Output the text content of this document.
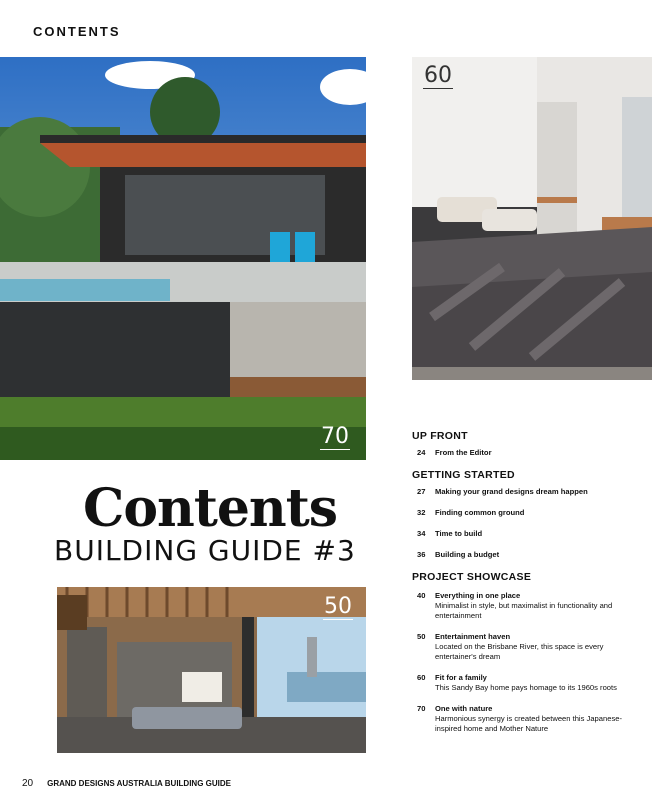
CONTENTS
70
60
Contents
BUILDING GUIDE #3
50
UP FRONT
24	From the Editor
GETTING STARTED
27	Making your grand designs dream happen
32	Finding common ground
34	Time to build
36	Building a budget
PROJECT SHOWCASE
40	Everything in one place
Minimalist in style, but maximalist in functionality and entertainment
50	Entertainment haven
Located on the Brisbane River, this space is every entertainer's dream
60	Fit for a family
This Sandy Bay home pays homage to its 1960s roots
70	One with nature
Harmonious synergy is created between this Japanese-inspired home and Mother Nature
20 GRAND DESIGNS AUSTRALIA BUILDING GUIDE
